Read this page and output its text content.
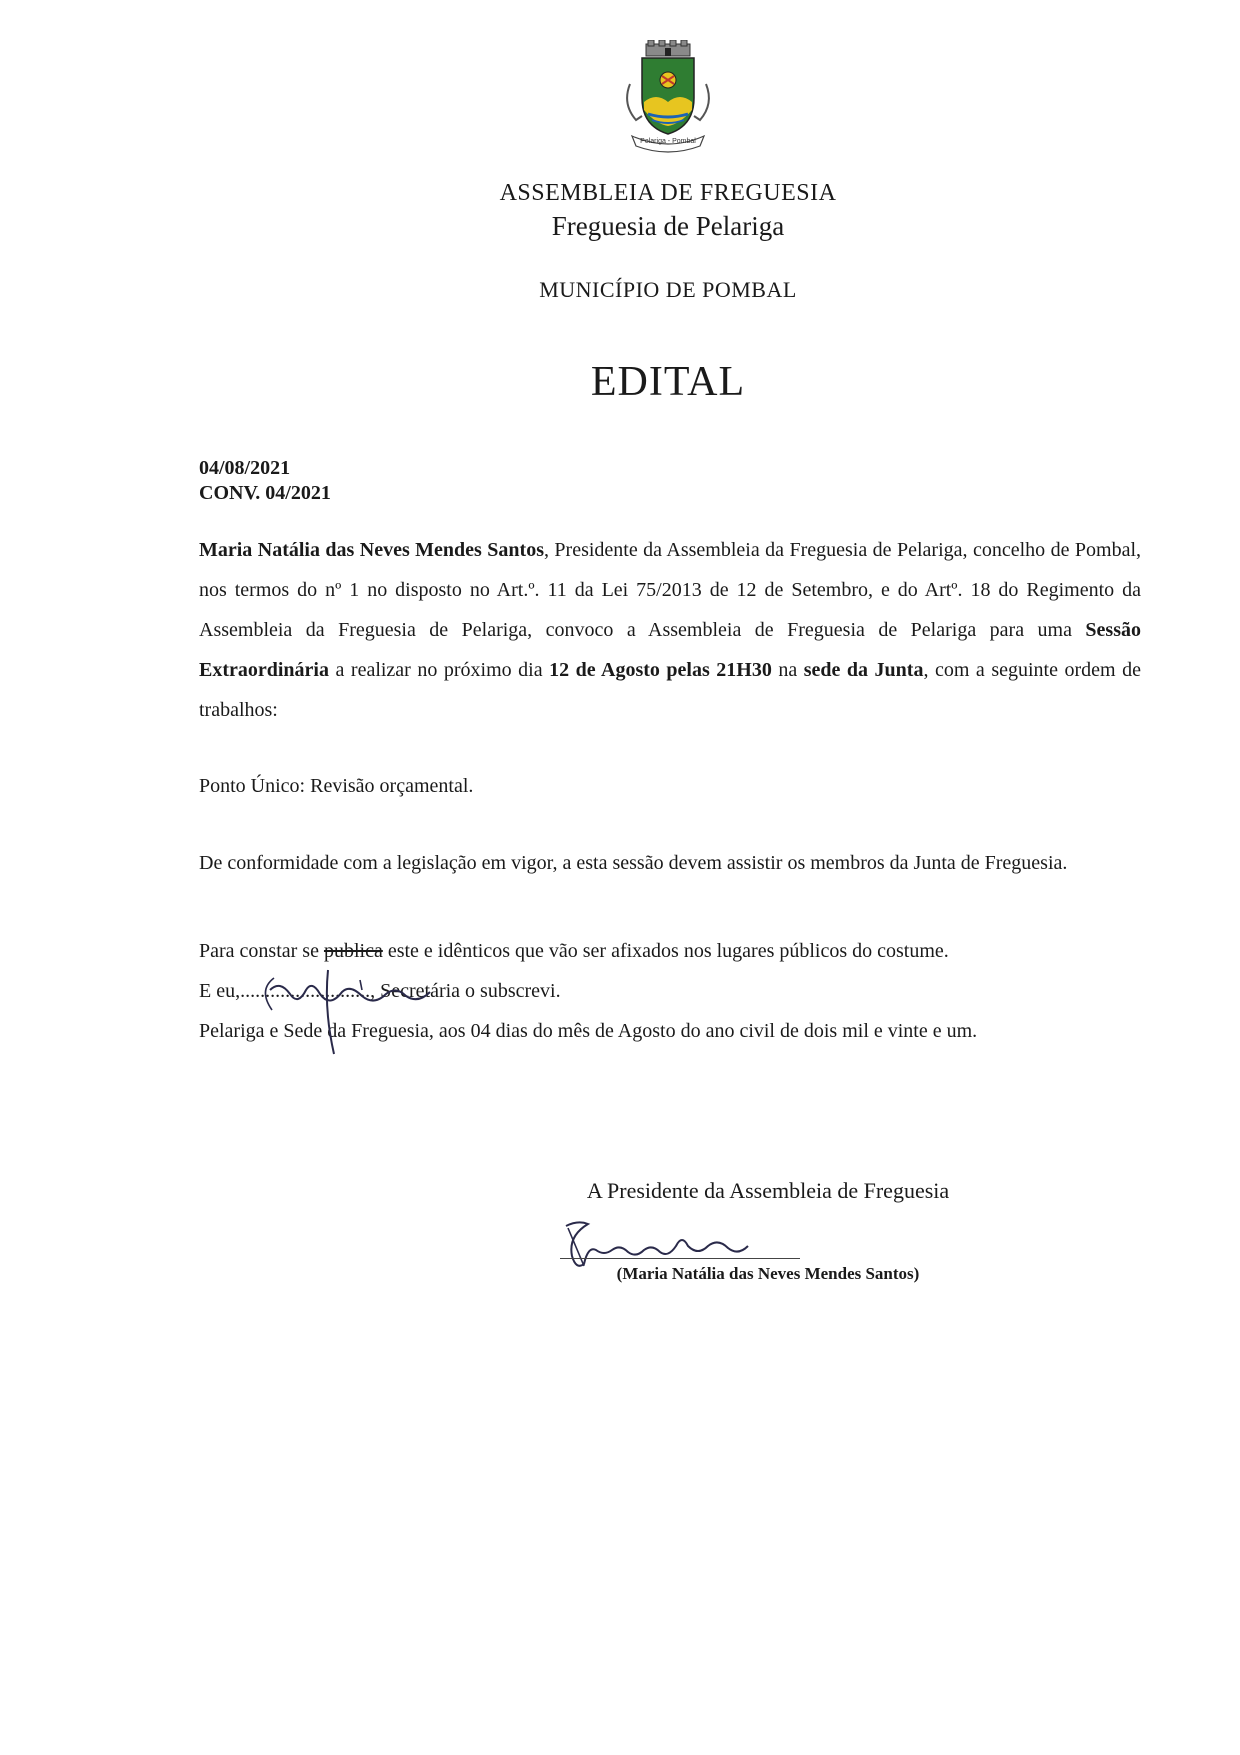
Pelariga - Pombal
ASSEMBLEIA DE FREGUESIA
Freguesia de Pelariga
MUNICÍPIO DE POMBAL
EDITAL
04/08/2021
CONV. 04/2021
Maria Natália das Neves Mendes Santos, Presidente da Assembleia da Freguesia de Pelariga, concelho de Pombal, nos termos do nº 1 no disposto no Art.º. 11 da Lei 75/2013 de 12 de Setembro, e do Artº. 18 do Regimento da Assembleia da Freguesia de Pelariga, convoco a Assembleia de Freguesia de Pelariga para uma Sessão Extraordinária a realizar no próximo dia 12 de Agosto pelas 21H30 na sede da Junta, com a seguinte ordem de trabalhos:
Ponto Único: Revisão orçamental.
De conformidade com a legislação em vigor, a esta sessão devem assistir os membros da Junta de Freguesia.
Para constar se publica este e idênticos que vão ser afixados nos lugares públicos do costume.
E eu,.........................., Secretária o subscrevi.
Pelariga e Sede da Freguesia, aos 04 dias do mês de Agosto do ano civil de dois mil e vinte e um.
A Presidente da Assembleia de Freguesia
(Maria Natália das Neves Mendes Santos)
